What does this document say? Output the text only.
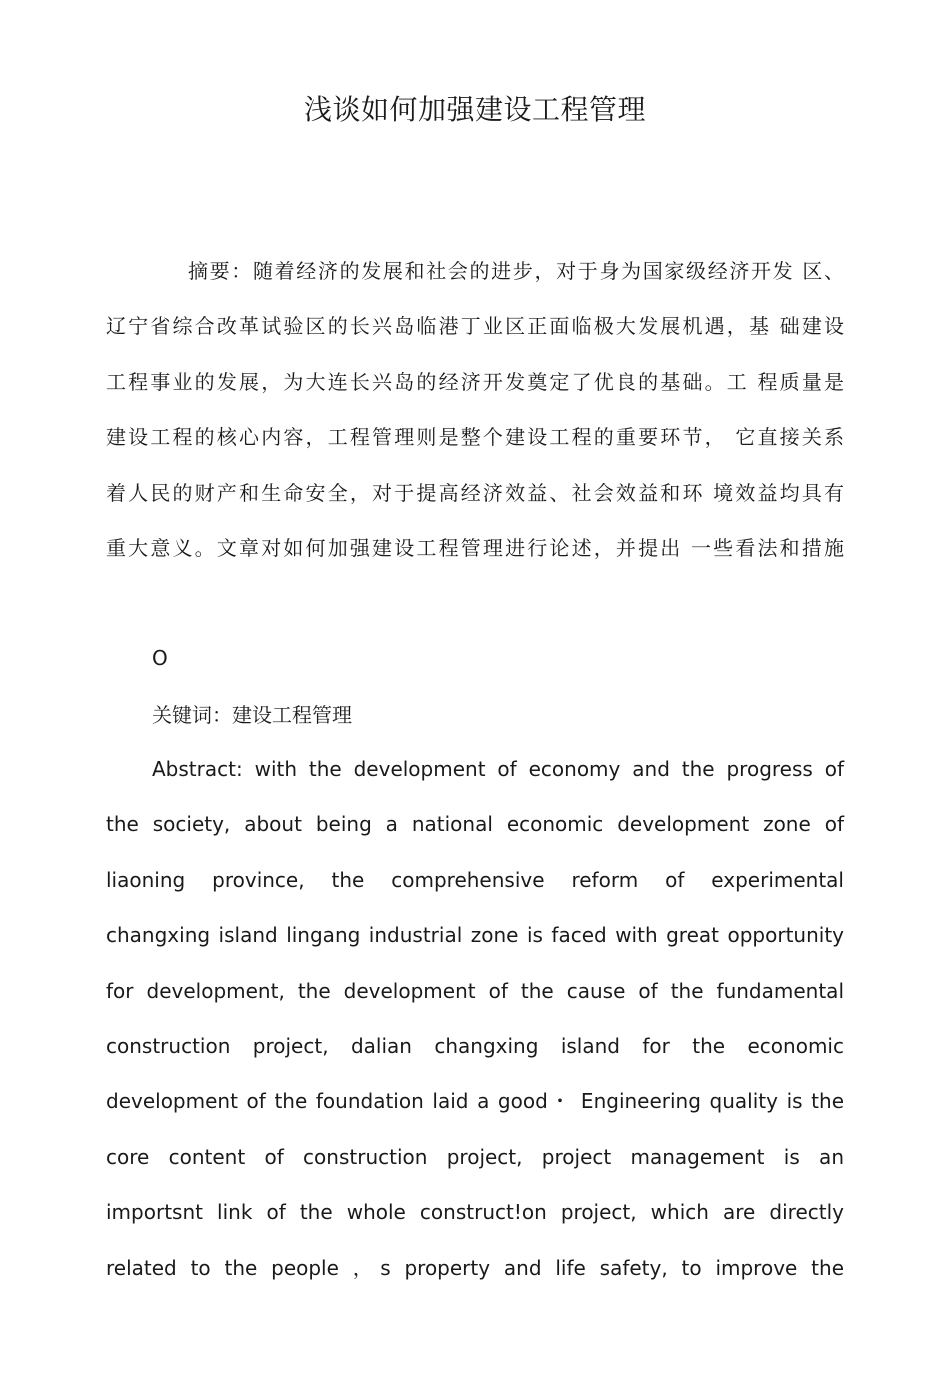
浅谈如何加强建设工程管理
摘要：随着经济的发展和社会的进步，对于身为国家级经济开发 区、
辽宁省综合改革试验区的长兴岛临港丁业区正面临极大发展机遇，基 础建设
工程事业的发展，为大连长兴岛的经济开发奠定了优良的基础。工 程质量是
建设工程的核心内容，工程管理则是整个建设工程的重要环节， 它直接关系
着人民的财产和生命安全，对于提高经济效益、社会效益和环 境效益均具有
重大意义。文章对如何加强建设工程管理进行论述，并提出 一些看法和措施
O
关键词：建设工程管理
Abstract: with the development of economy and the progress of
the society, about being a national economic development zone of
liaoning province, the comprehensive reform of experimental
changxing island lingang industrial zone is faced with great opportunity
for development, the development of the cause of the fundamental
construction project, dalian changxing island for the economic
development of the foundation laid a good・ Engineering quality is the
core content of construction project, project management is an
importsnt link of the whole construct!on project, which are directly
related to the people ，s property and life safety, to improve the
